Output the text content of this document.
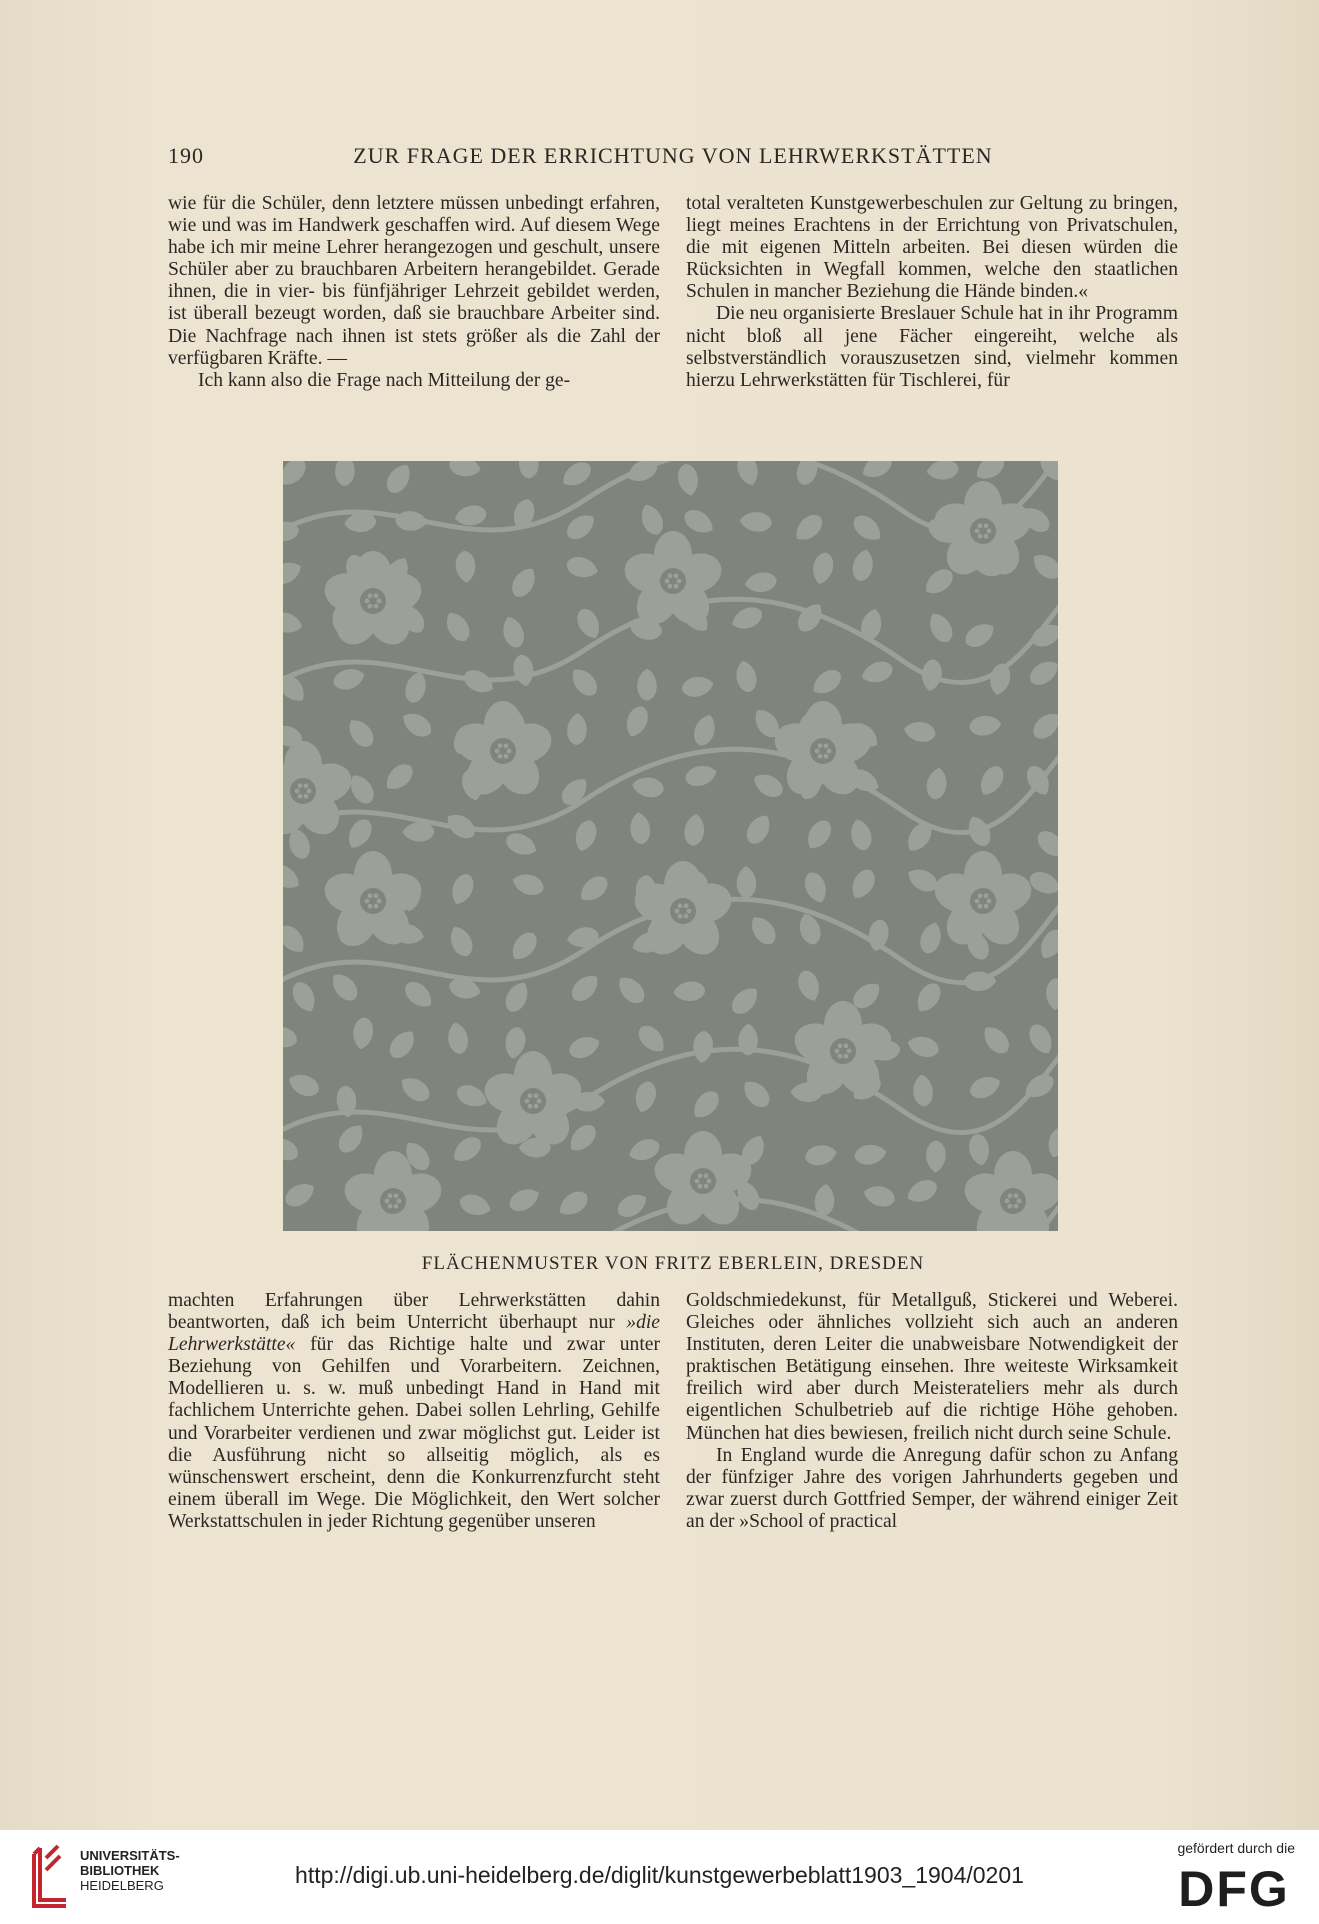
190	ZUR FRAGE DER ERRICHTUNG VON LEHRWERKSTÄTTEN

wie für die Schüler, denn letztere müssen unbedingt erfahren, wie und was im Handwerk geschaffen wird. Auf diesem Wege habe ich mir meine Lehrer herangezogen und geschult, unsere Schüler aber zu brauchbaren Arbeitern herangebildet. Gerade ihnen, die in vier- bis fünfjähriger Lehrzeit gebildet werden, ist überall bezeugt worden, daß sie brauchbare Arbeiter sind. Die Nachfrage nach ihnen ist stets größer als die Zahl der verfügbaren Kräfte. —

Ich kann also die Frage nach Mitteilung der ge-

total veralteten Kunstgewerbeschulen zur Geltung zu bringen, liegt meines Erachtens in der Errichtung von Privatschulen, die mit eigenen Mitteln arbeiten. Bei diesen würden die Rücksichten in Wegfall kommen, welche den staatlichen Schulen in mancher Beziehung die Hände binden.«

Die neu organisierte Breslauer Schule hat in ihr Programm nicht bloß all jene Fächer eingereiht, welche als selbstverständlich vorauszusetzen sind, vielmehr kommen hierzu Lehrwerkstätten für Tischlerei, für

FLÄCHENMUSTER VON FRITZ EBERLEIN, DRESDEN

machten Erfahrungen über Lehrwerkstätten dahin beantworten, daß ich beim Unterricht überhaupt nur »die Lehrwerkstätte« für das Richtige halte und zwar unter Beziehung von Gehilfen und Vorarbeitern. Zeichnen, Modellieren u. s. w. muß unbedingt Hand in Hand mit fachlichem Unterrichte gehen. Dabei sollen Lehrling, Gehilfe und Vorarbeiter verdienen und zwar möglichst gut. Leider ist die Ausführung nicht so allseitig möglich, als es wünschenswert erscheint, denn die Konkurrenzfurcht steht einem überall im Wege. Die Möglichkeit, den Wert solcher Werkstattschulen in jeder Richtung gegenüber unseren

Goldschmiedekunst, für Metallguß, Stickerei und Weberei. Gleiches oder ähnliches vollzieht sich auch an anderen Instituten, deren Leiter die unabweisbare Notwendigkeit der praktischen Betätigung einsehen. Ihre weiteste Wirksamkeit freilich wird aber durch Meisterateliers mehr als durch eigentlichen Schulbetrieb auf die richtige Höhe gehoben. München hat dies bewiesen, freilich nicht durch seine Schule.

In England wurde die Anregung dafür schon zu Anfang der fünfziger Jahre des vorigen Jahrhunderts gegeben und zwar zuerst durch Gottfried Semper, der während einiger Zeit an der »School of practical

UNIVERSITÄTS-
BIBLIOTHEK
HEIDELBERG	http://digi.ub.uni-heidelberg.de/diglit/kunstgewerbeblatt1903_1904/0201
gefördert durch die
DFG
